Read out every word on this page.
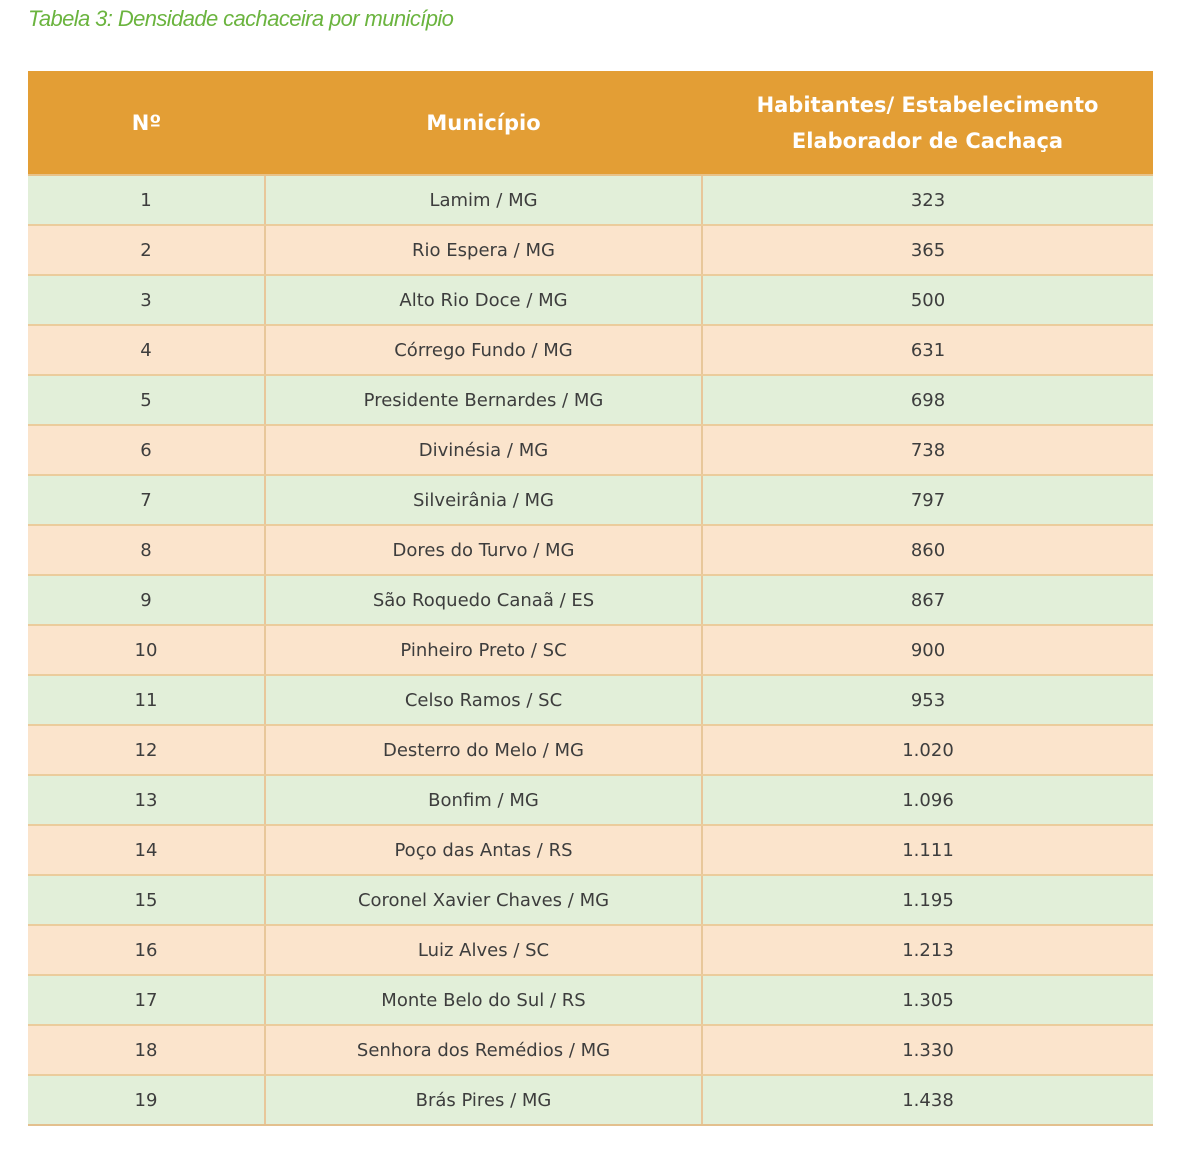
Tabela 3: Densidade cachaceira por município
Nº	Município	Habitantes/ Estabelecimento
Elaborador de Cachaça

1	Lamim / MG	323
2	Rio Espera / MG	365
3	Alto Rio Doce / MG	500
4	Córrego Fundo / MG	631
5	Presidente Bernardes / MG	698
6	Divinésia / MG	738
7	Silveirânia / MG	797
8	Dores do Turvo / MG	860
9	São Roquedo Canaã / ES	867
10	Pinheiro Preto / SC	900
11	Celso Ramos / SC	953
12	Desterro do Melo / MG	1.020
13	Bonfim / MG	1.096
14	Poço das Antas / RS	1.111
15	Coronel Xavier Chaves / MG	1.195
16	Luiz Alves / SC	1.213
17	Monte Belo do Sul / RS	1.305
18	Senhora dos Remédios / MG	1.330
19	Brás Pires / MG	1.438
